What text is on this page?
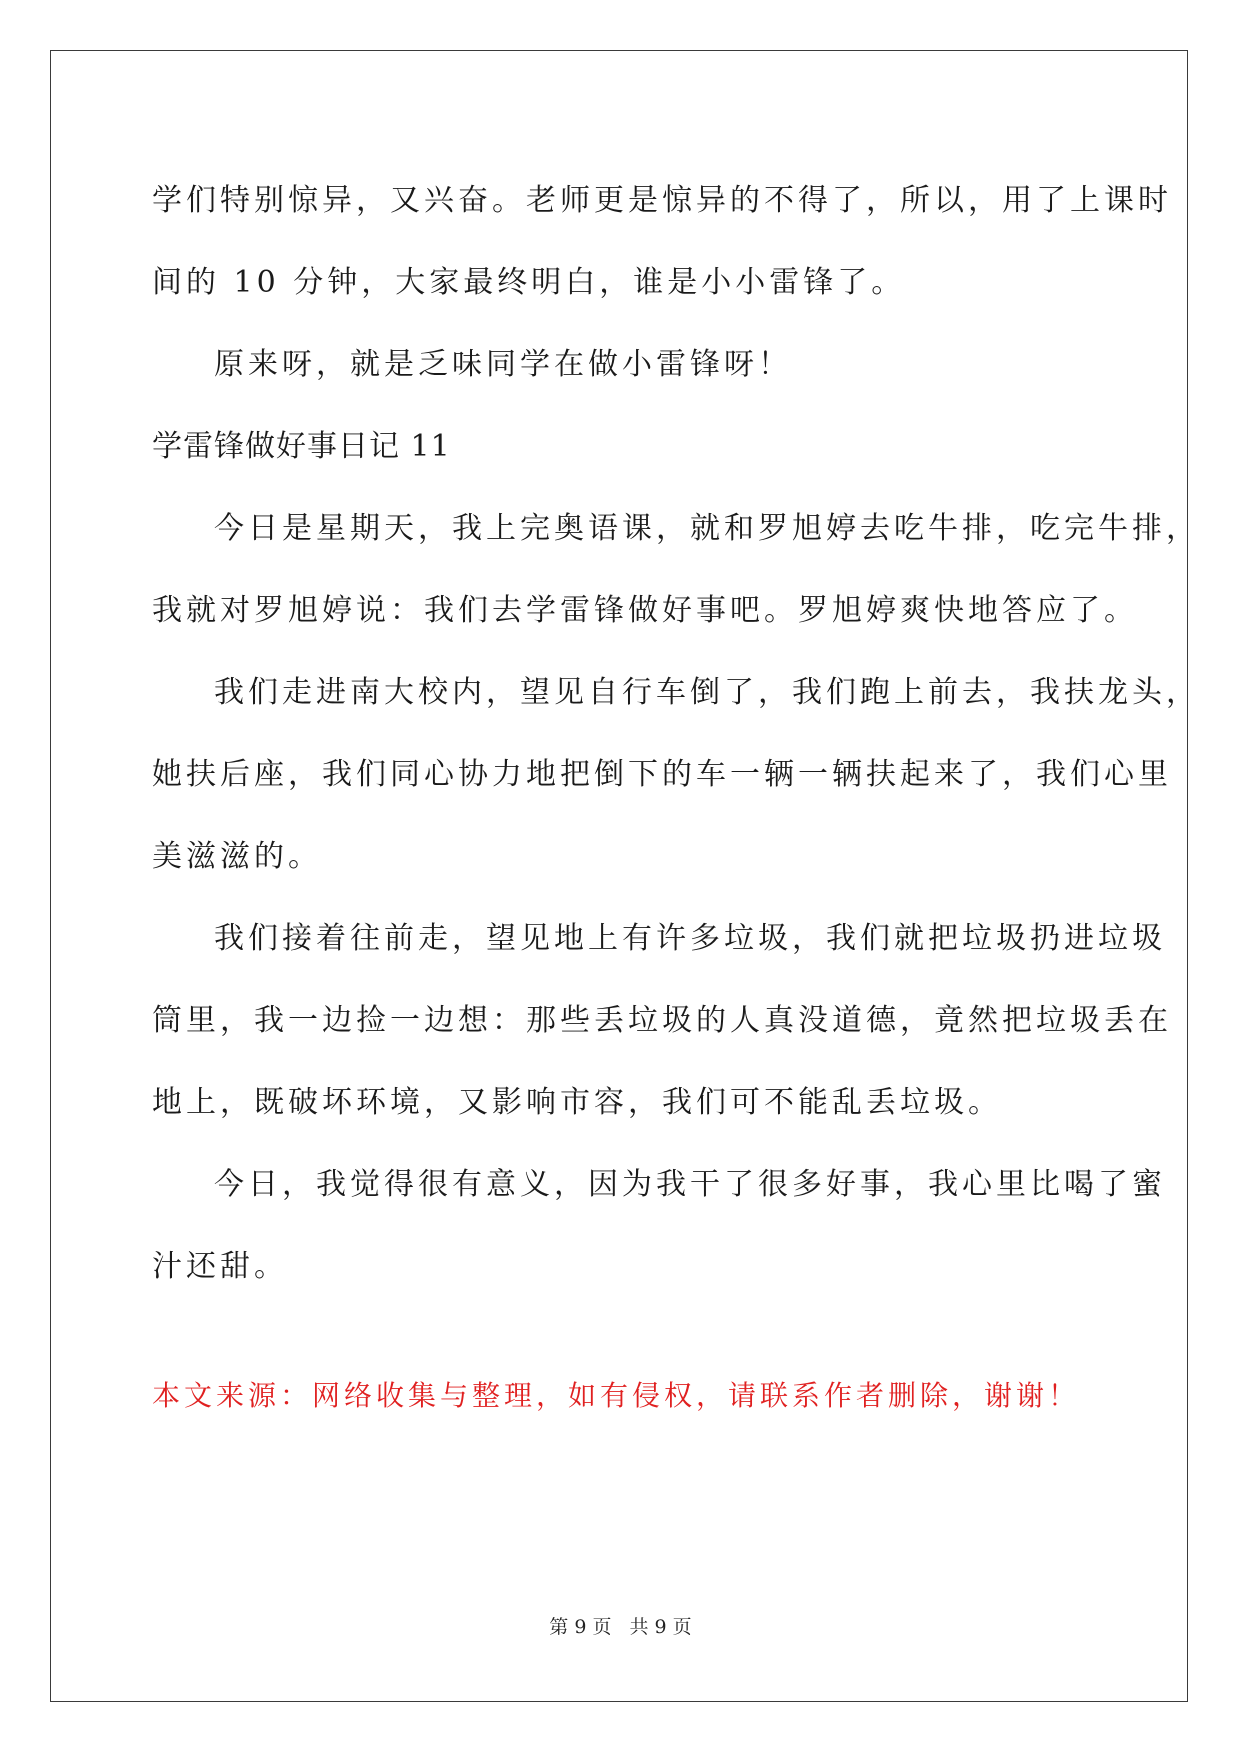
学们特别惊异，又兴奋。老师更是惊异的不得了，所以，用了上课时
间的 10 分钟，大家最终明白，谁是小小雷锋了。
原来呀，就是乏味同学在做小雷锋呀！
学雷锋做好事日记 11
今日是星期天，我上完奥语课，就和罗旭婷去吃牛排，吃完牛排，
我就对罗旭婷说：我们去学雷锋做好事吧。罗旭婷爽快地答应了。
我们走进南大校内，望见自行车倒了，我们跑上前去，我扶龙头，
她扶后座，我们同心协力地把倒下的车一辆一辆扶起来了，我们心里
美滋滋的。
我们接着往前走，望见地上有许多垃圾，我们就把垃圾扔进垃圾
筒里，我一边捡一边想：那些丢垃圾的人真没道德，竟然把垃圾丢在
地上，既破坏环境，又影响市容，我们可不能乱丢垃圾。
今日，我觉得很有意义，因为我干了很多好事，我心里比喝了蜜
汁还甜。
本文来源：网络收集与整理，如有侵权，请联系作者删除，谢谢！
第 9 页 共 9 页
